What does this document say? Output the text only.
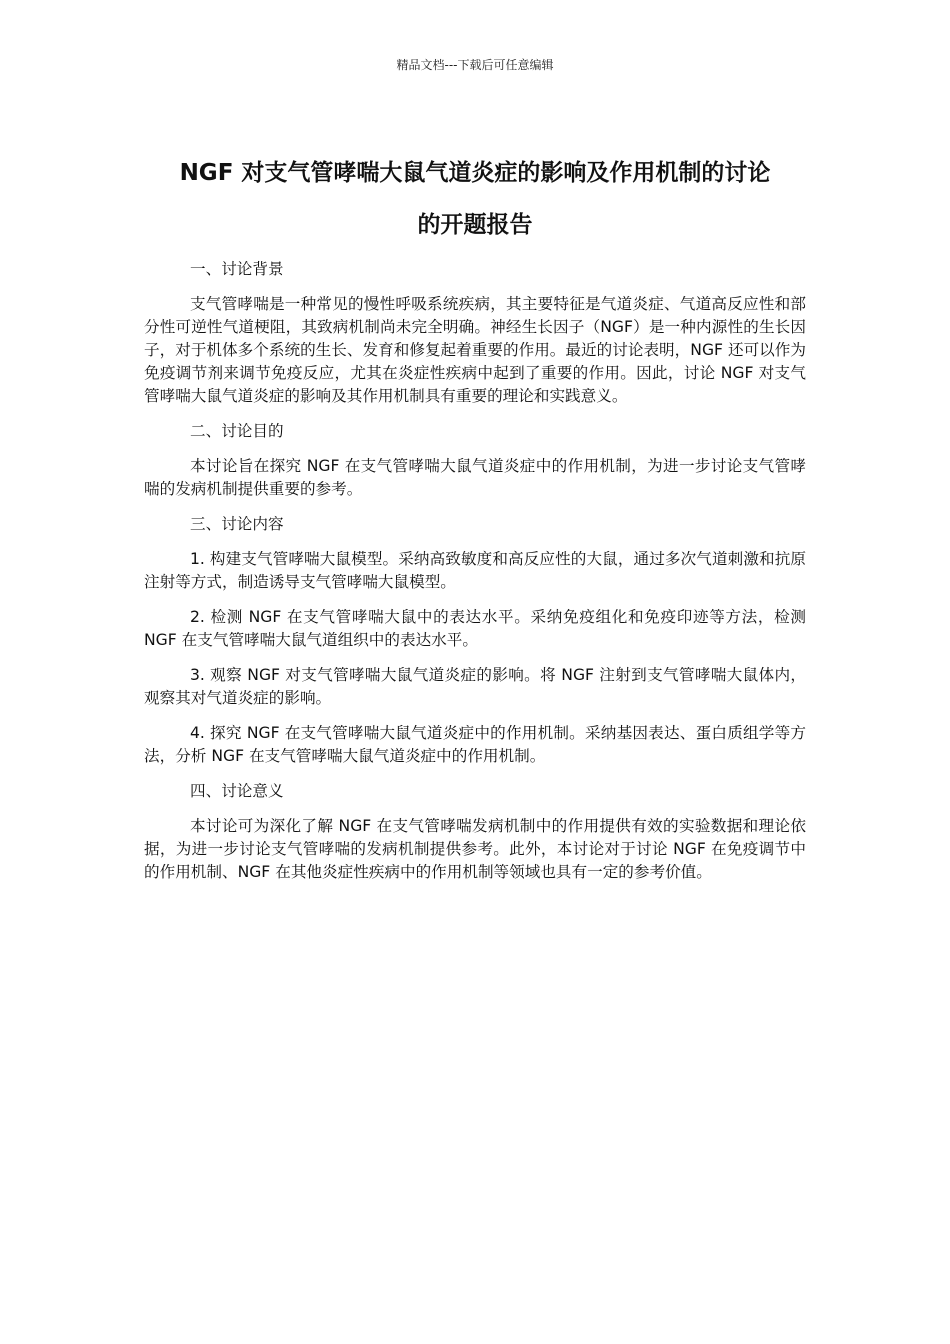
精品文档---下载后可任意编辑
NGF 对支气管哮喘大鼠气道炎症的影响及作用机制的讨论
的开题报告
一、讨论背景

支气管哮喘是一种常见的慢性呼吸系统疾病，其主要特征是气道炎症、气道高反应性和部分性可逆性气道梗阻，其致病机制尚未完全明确。神经生长因子（NGF）是一种内源性的生长因子，对于机体多个系统的生长、发育和修复起着重要的作用。最近的讨论表明，NGF 还可以作为免疫调节剂来调节免疫反应，尤其在炎症性疾病中起到了重要的作用。因此，讨论 NGF 对支气管哮喘大鼠气道炎症的影响及其作用机制具有重要的理论和实践意义。

二、讨论目的

本讨论旨在探究 NGF 在支气管哮喘大鼠气道炎症中的作用机制，为进一步讨论支气管哮喘的发病机制提供重要的参考。

三、讨论内容

1. 构建支气管哮喘大鼠模型。采纳高致敏度和高反应性的大鼠，通过多次气道刺激和抗原注射等方式，制造诱导支气管哮喘大鼠模型。

2. 检测 NGF 在支气管哮喘大鼠中的表达水平。采纳免疫组化和免疫印迹等方法，检测 NGF 在支气管哮喘大鼠气道组织中的表达水平。

3. 观察 NGF 对支气管哮喘大鼠气道炎症的影响。将 NGF 注射到支气管哮喘大鼠体内，观察其对气道炎症的影响。

4. 探究 NGF 在支气管哮喘大鼠气道炎症中的作用机制。采纳基因表达、蛋白质组学等方法，分析 NGF 在支气管哮喘大鼠气道炎症中的作用机制。

四、讨论意义

本讨论可为深化了解 NGF 在支气管哮喘发病机制中的作用提供有效的实验数据和理论依据，为进一步讨论支气管哮喘的发病机制提供参考。此外，本讨论对于讨论 NGF 在免疫调节中的作用机制、NGF 在其他炎症性疾病中的作用机制等领域也具有一定的参考价值。
